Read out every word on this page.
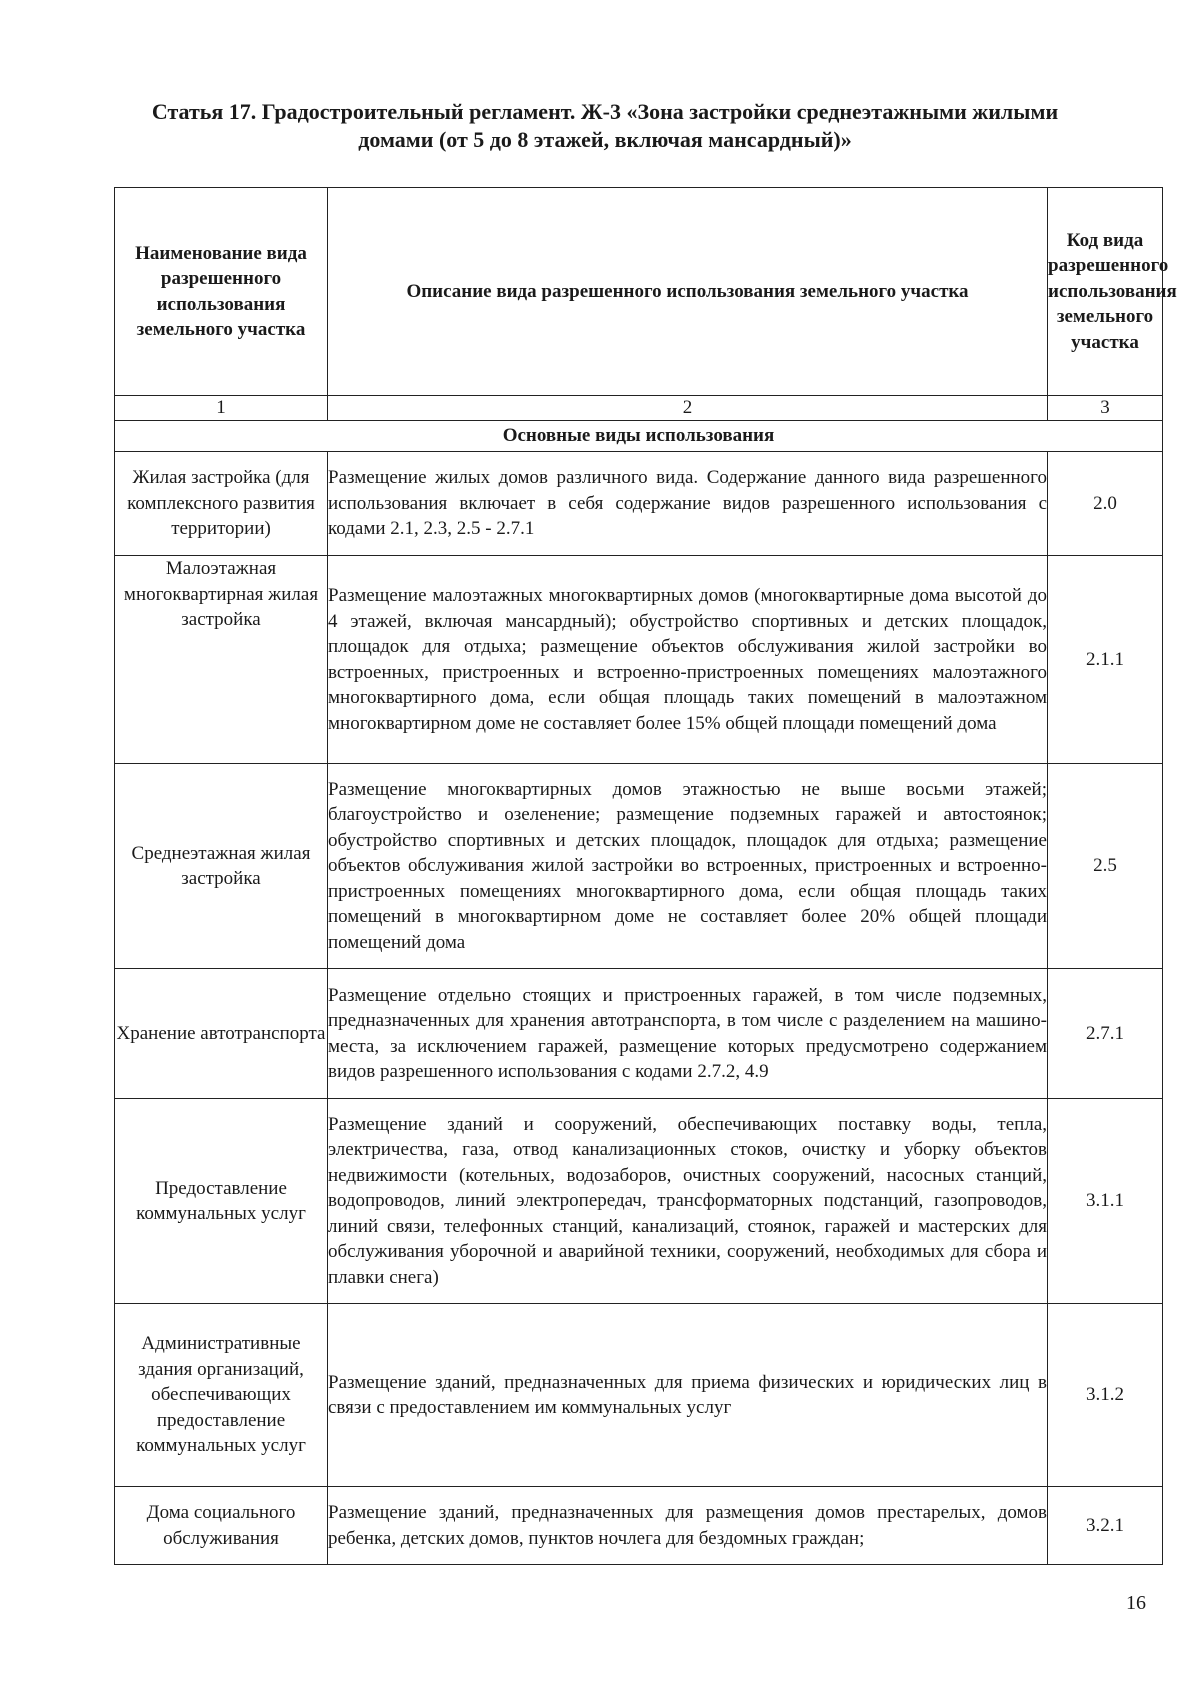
Статья 17. Градостроительный регламент. Ж-3 «Зона застройки среднеэтажными жилыми
домами (от 5 до 8 этажей, включая мансардный)»
Наименование вида разрешенного использования земельного участка	Описание вида разрешенного использования земельного участка	Код вида разрешенного использования земельного участка
1	2	3
Основные виды использования		
Жилая застройка (для комплексного развития территории)	Размещение жилых домов различного вида. Содержание данного вида разрешенного использования включает в себя содержание видов разрешенного использования с кодами 2.1, 2.3, 2.5 - 2.7.1	2.0
Малоэтажная многоквартирная жилая застройка	Размещение малоэтажных многоквартирных домов (многоквартирные дома высотой до 4 этажей, включая мансардный); обустройство спортивных и детских площадок, площадок для отдыха; размещение объектов обслуживания жилой застройки во встроенных, пристроенных и встроенно-пристроенных помещениях малоэтажного многоквартирного дома, если общая площадь таких помещений в малоэтажном многоквартирном доме не составляет более 15% общей площади помещений дома	2.1.1
Среднеэтажная жилая застройка	Размещение многоквартирных домов этажностью не выше восьми этажей; благоустройство и озеленение; размещение подземных гаражей и автостоянок; обустройство спортивных и детских площадок, площадок для отдыха; размещение объектов обслуживания жилой застройки во встроенных, пристроенных и встроенно-пристроенных помещениях многоквартирного дома, если общая площадь таких помещений в многоквартирном доме не составляет более 20% общей площади помещений дома	2.5
Хранение автотранспорта	Размещение отдельно стоящих и пристроенных гаражей, в том числе подземных, предназначенных для хранения автотранспорта, в том числе с разделением на машино-места, за исключением гаражей, размещение которых предусмотрено содержанием видов разрешенного использования с кодами 2.7.2, 4.9	2.7.1
Предоставление коммунальных услуг	Размещение зданий и сооружений, обеспечивающих поставку воды, тепла, электричества, газа, отвод канализационных стоков, очистку и уборку объектов недвижимости (котельных, водозаборов, очистных сооружений, насосных станций, водопроводов, линий электропередач, трансформаторных подстанций, газопроводов, линий связи, телефонных станций, канализаций, стоянок, гаражей и мастерских для обслуживания уборочной и аварийной техники, сооружений, необходимых для сбора и плавки снега)	3.1.1
Административные здания организаций, обеспечивающих предоставление коммунальных услуг	Размещение зданий, предназначенных для приема физических и юридических лиц в связи с предоставлением им коммунальных услуг	3.1.2
Дома социального обслуживания	Размещение зданий, предназначенных для размещения домов престарелых, домов ребенка, детских домов, пунктов ночлега для бездомных граждан;	3.2.1
16
